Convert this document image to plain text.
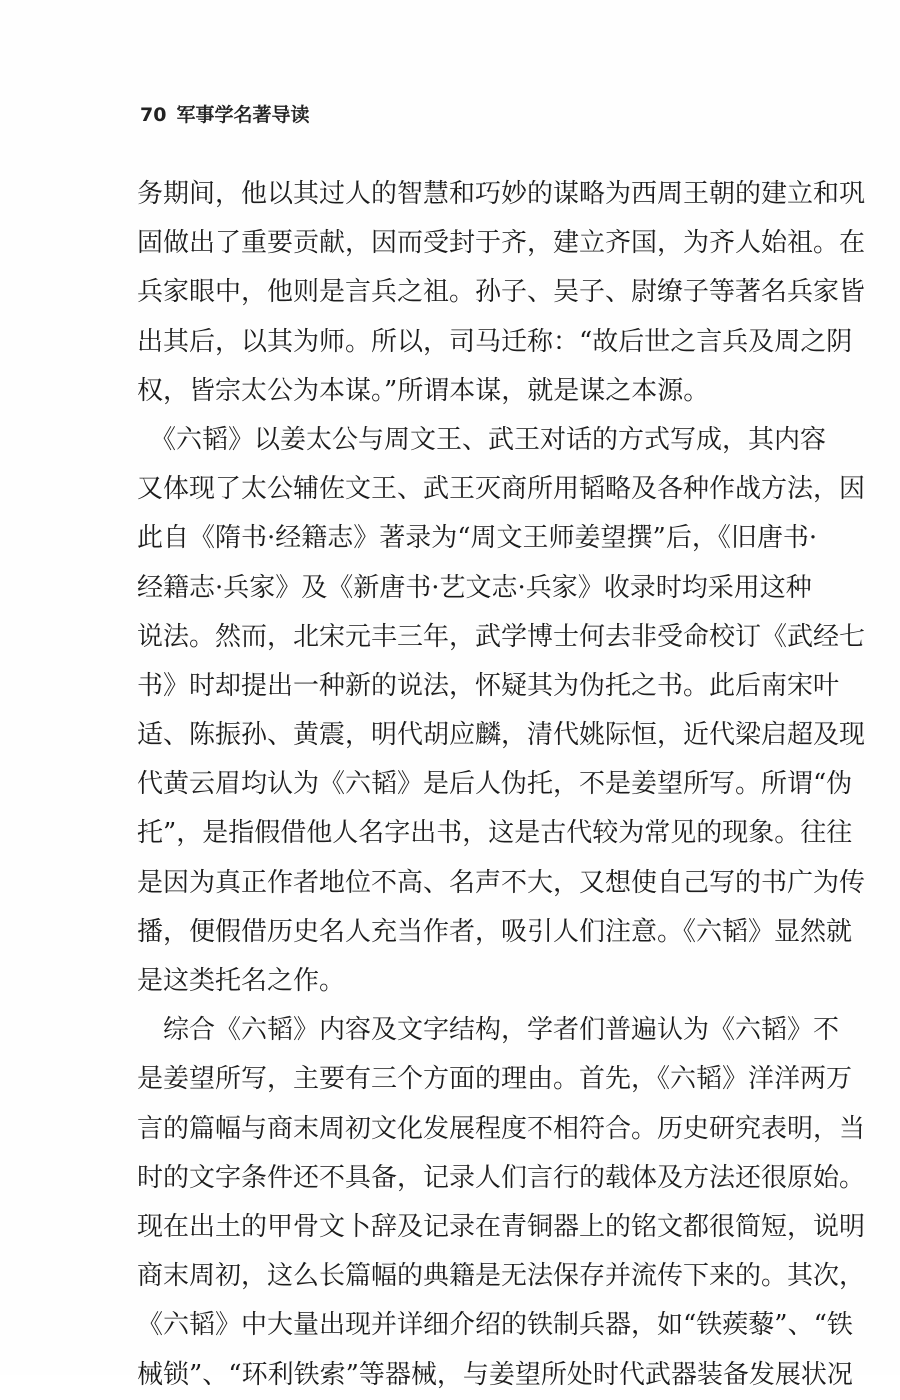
70 军事学名著导读
务期间，他以其过人的智慧和巧妙的谋略为西周王朝的建立和巩
固做出了重要贡献，因而受封于齐，建立齐国，为齐人始祖。在
兵家眼中，他则是言兵之祖。孙子、吴子、尉缭子等著名兵家皆
出其后，以其为师。所以，司马迁称：“故后世之言兵及周之阴
权，皆宗太公为本谋。”所谓本谋，就是谋之本源。
　《六韬》以姜太公与周文王、武王对话的方式写成，其内容
又体现了太公辅佐文王、武王灭商所用韬略及各种作战方法，因
此自《隋书·经籍志》著录为“周文王师姜望撰”后，《旧唐书·
经籍志·兵家》及《新唐书·艺文志·兵家》收录时均采用这种
说法。然而，北宋元丰三年，武学博士何去非受命校订《武经七
书》时却提出一种新的说法，怀疑其为伪托之书。此后南宋叶
适、陈振孙、黄震，明代胡应麟，清代姚际恒，近代梁启超及现
代黄云眉均认为《六韬》是后人伪托，不是姜望所写。所谓“伪
托”，是指假借他人名字出书，这是古代较为常见的现象。往往
是因为真正作者地位不高、名声不大，又想使自己写的书广为传
播，便假借历史名人充当作者，吸引人们注意。《六韬》显然就
是这类托名之作。
　综合《六韬》内容及文字结构，学者们普遍认为《六韬》不
是姜望所写，主要有三个方面的理由。首先，《六韬》洋洋两万
言的篇幅与商末周初文化发展程度不相符合。历史研究表明，当
时的文字条件还不具备，记录人们言行的载体及方法还很原始。
现在出土的甲骨文卜辞及记录在青铜器上的铭文都很简短，说明
商末周初，这么长篇幅的典籍是无法保存并流传下来的。其次，
《六韬》中大量出现并详细介绍的铁制兵器，如“铁蒺藜”、“铁
械锁”、“环利铁索”等器械，与姜望所处时代武器装备发展状况
